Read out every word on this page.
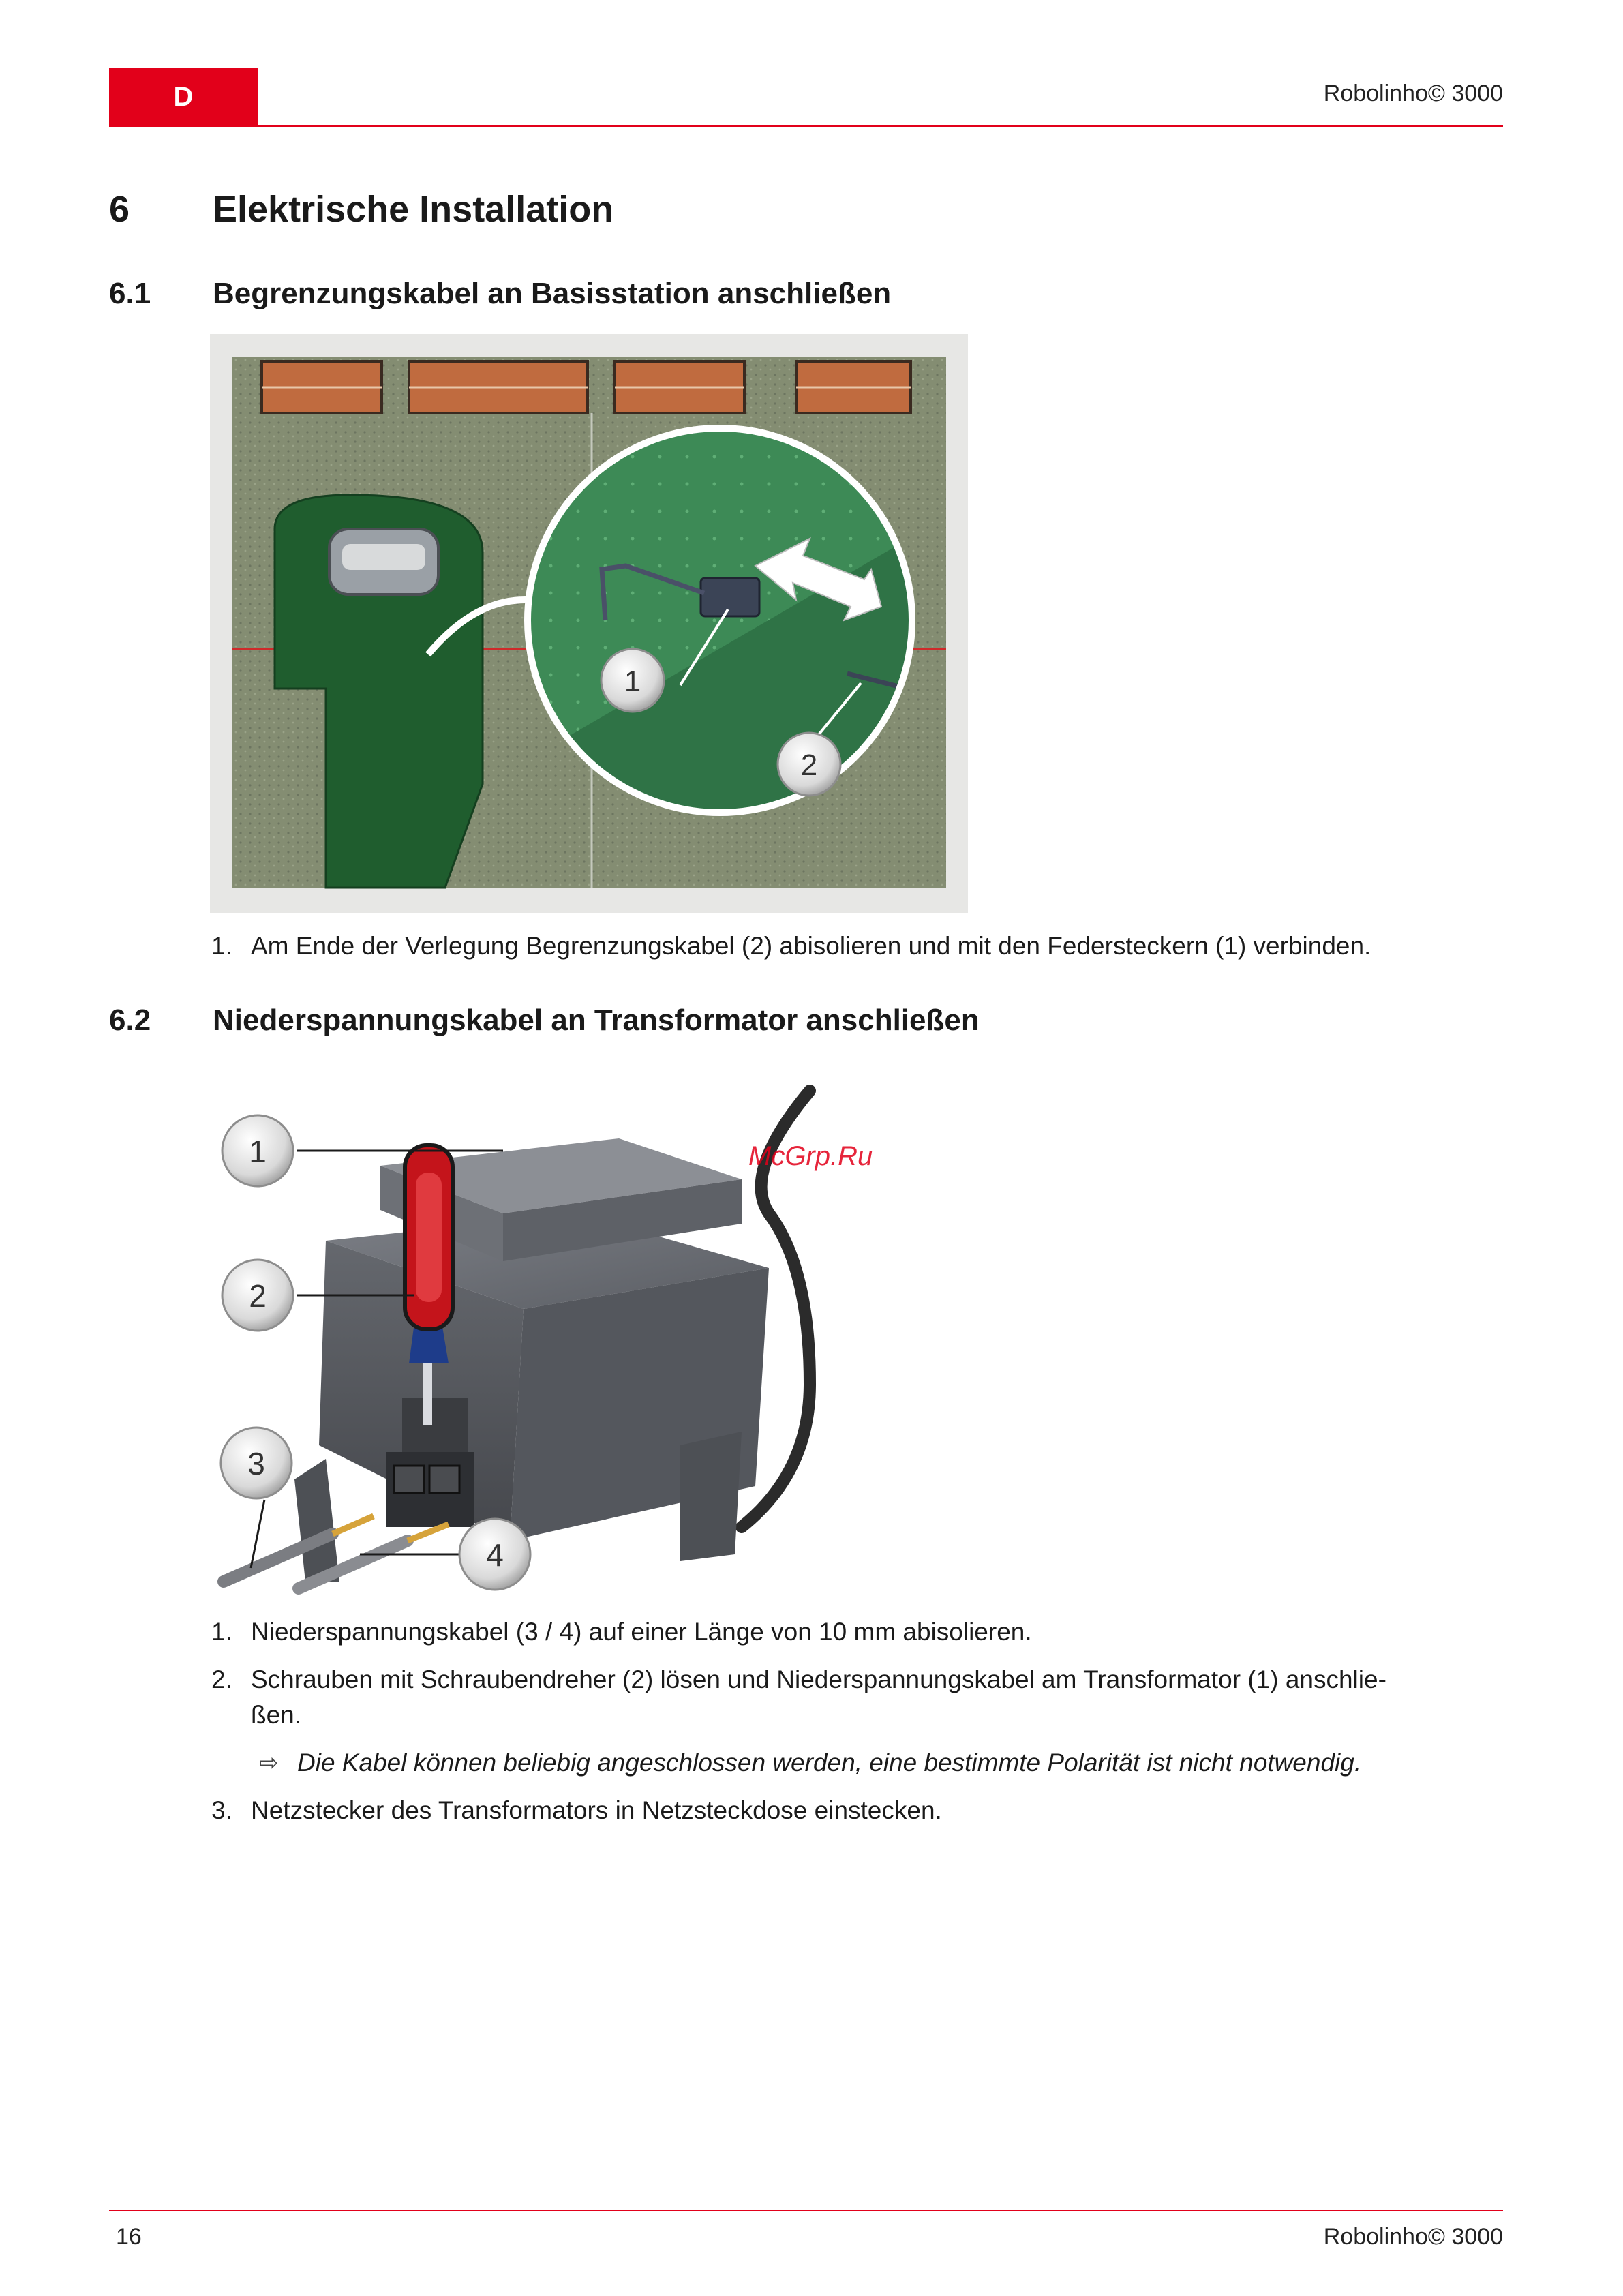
D	Robolinho© 3000
6 Elektrische Installation
6.1 Begrenzungskabel an Basisstation anschließen
1
2
1. Am Ende der Verlegung Begrenzungskabel (2) abisolieren und mit den Federsteckern (1) verbinden.
6.2 Niederspannungskabel an Transformator anschließen
1
2
3
4
McGrp.Ru
1. Niederspannungskabel (3 / 4) auf einer Länge von 10 mm abisolieren.
2. Schrauben mit Schraubendreher (2) lösen und Niederspannungskabel am Transformator (1) anschlie-
ßen.
⇨ Die Kabel können beliebig angeschlossen werden, eine bestimmte Polarität ist nicht notwendig.
3. Netzstecker des Transformators in Netzsteckdose einstecken.
16	Robolinho© 3000
